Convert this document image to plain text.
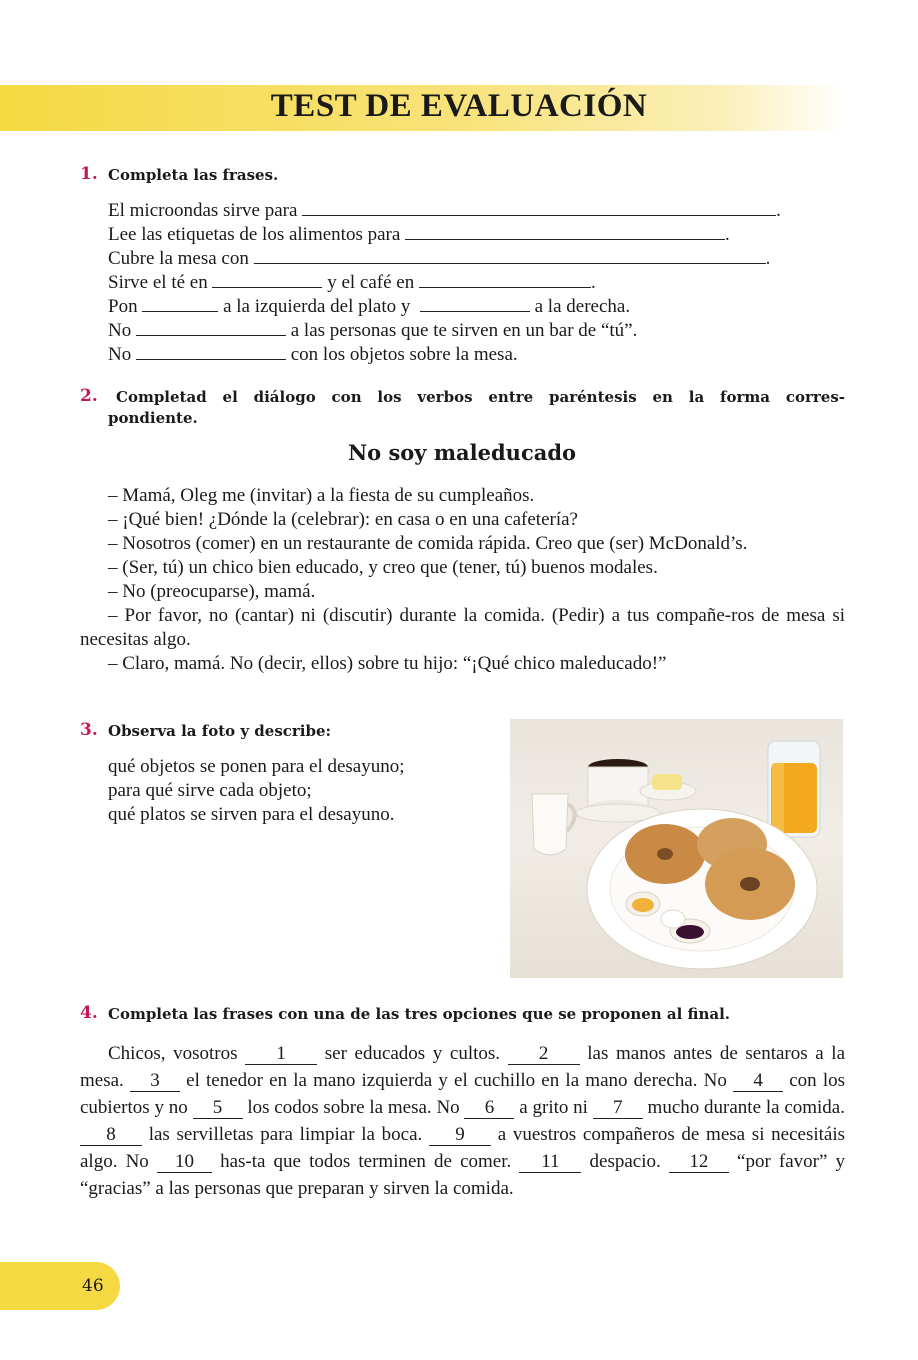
TEST DE EVALUACIÓN
1. Completa las frases.
El microondas sirve para	.
Lee las etiquetas de los alimentos para	.
Cubre la mesa con	.
Sirve el té en	y el café en	.
Pon	a la izquierda del plato y	a la derecha.
No	a las personas que te sirven en un bar de “tú”.
No	con los objetos sobre la mesa.
2. Completad el diálogo con los verbos entre paréntesis en la forma corres-
pondiente.
No soy maleducado

– Mamá, Oleg me (invitar) a la fiesta de su cumpleaños.

– ¡Qué bien! ¿Dónde la (celebrar): en casa o en una cafetería?

– Nosotros (comer) en un restaurante de comida rápida. Creo que (ser) McDonald’s.

– (Ser, tú) un chico bien educado, y creo que (tener, tú) buenos modales.

– No (preocuparse), mamá.

– Por favor, no (cantar) ni (discutir) durante la comida. (Pedir) a tus compañe-ros de mesa si necesitas algo.

– Claro, mamá. No (decir, ellos) sobre tu hijo: “¡Qué chico maleducado!”

3. Observa la foto y describe:
qué objetos se ponen para el desayuno;
para qué sirve cada objeto;
qué platos se sirven para el desayuno.
4. Completa las frases con una de las tres opciones que se proponen al final.
Chicos, vosotros 1 ser educados y cultos. 2 las manos antes de sentaros a la mesa. 3 el tenedor en la mano izquierda y el cuchillo en la mano derecha. No 4 con los cubiertos y no 5 los codos sobre la mesa. No 6 a grito ni 7 mucho durante la comida. 8 las servilletas para limpiar la boca. 9 a vuestros compañeros de mesa si necesitáis algo. No 10 has-ta que todos terminen de comer. 11 despacio. 12 “por favor” y “gracias” a las personas que preparan y sirven la comida.
46
